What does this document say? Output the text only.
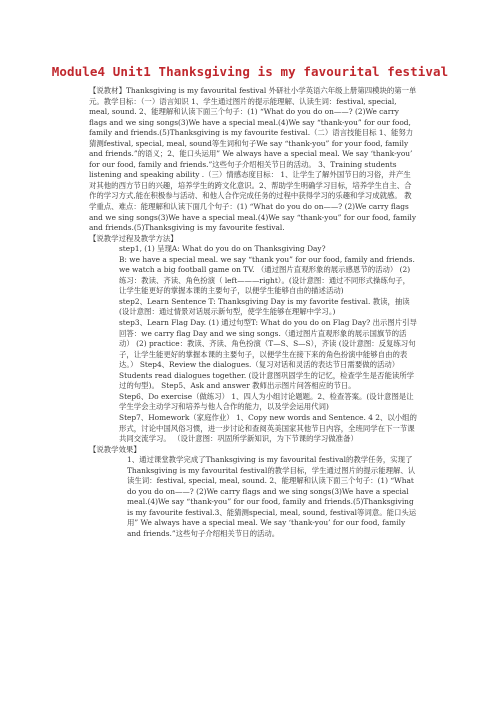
Module4 Unit1 Thanksgiving is my favourital festival

【说教材】Thanksgiving is my favourital festival 外研社小学英语六年级上册第四模块的第一单元。教学目标：（一）语言知识 1、学生通过图片的提示能理解、认读生词：festival, special, meal, sound. 2、能理解和认读下面三个句子：(1) “What do you do on——? (2)We carry flags and we sing songs(3)We have a special meal.(4)We say “thank-you” for our food, family and friends.(5)Thanksgiving is my favourite festival.（二）语言技能目标 1、能努力猜测festival, special, meal, sound等生词和句子We say “thank-you” for your food, family and friends.”的语义；2、能口头运用” We always have a special meal. We say ‘thank-you’ for our food, family and friends.”这些句子介绍相关节日的活动。 3、Training students listening and speaking ability .（三）情感态度目标： 1、让学生了解外国节日的习俗，并产生对其他的西方节日的兴趣，培养学生的跨文化意识。2、帮助学生明确学习目标，培养学生自主、合作的学习方式,能在积极参与活动、和他人合作完成任务的过程中获得学习的乐趣和学习成就感。 教学重点、难点：能理解和认读下面几个句子：(1) “What do you do on——? (2)We carry flags and we sing songs(3)We have a special meal.(4)We say “thank-you” for our food, family and friends.(5)Thanksgiving is my favourite festival.

【说教学过程及教学方法】

step1, (1) 呈现A: What do you do on Thanksgiving Day?

B: we have a special meal. we say “thank you” for our food, family and friends. we watch a big football game on TV. （通过图片直观形象的展示感恩节的活动） (2) 练习：教读、齐读、角色扮演（ left———right）。(设计意图：通过不同形式操练句子，让学生能更好的掌握本课的主要句子，以便学生能够自由的描述活动)

step2、Learn Sentence T: Thanksgiving Day is my favorite festival. 教读，抽读 (设计意图：通过情景对话展示新句型，使学生能够在理解中学习。)

step3、Learn Flag Day. (1) 通过句型T: What do you do on Flag Day? 出示图片引导回答：we carry flag Day and we sing songs.（通过图片直观形象的展示国旗节的活动） (2) practice：教读、齐读、角色扮演（T—S、S—S），齐读 (设计意图：反复练习句子，让学生能更好的掌握本课的主要句子，以便学生在接下来的角色扮演中能够自由的表达。） Step4、Review the dialogues.（复习对话和灵活的表达节日需要做的活动） Students read dialogues together. (设计意图巩固学生的记忆，检查学生是否能读所学过的句型)。 Step5、Ask and answer 教师出示图片问答相应的节日。

Step6、Do exercise（做练习） 1、四人为小组讨论题题。2、检查答案。(设计意图是让学生学会主动学习和培养与他人合作的能力，以及学会运用代词)

Step7、Homework（家庭作业） 1、Copy new words and Sentence. 4 2、以小组的形式，讨论中国风俗习惯，进一步讨论和查阅英美国家其他节日内容，全班同学在下一节课共同交流学习。 （设计意图：巩固所学新知识，为下节课的学习做准备）

【说教学效果】

1、通过课堂教学完成了Thanksgiving is my favourital festival的教学任务，实现了Thanksgiving is my favourital festival的教学目标，学生通过图片的提示能理解、认读生词：festival, special, meal, sound. 2、能理解和认读下面三个句子：(1) “What do you do on——? (2)We carry flags and we sing songs(3)We have a special meal.(4)We say “thank-you” for our food, family and friends.(5)Thanksgiving is my favourite festival.3、能猜测special, meal, sound, festival等词意。能口头运用” We always have a special meal. We say ‘thank-you’ for our food, family and friends.”这些句子介绍相关节日的活动。
